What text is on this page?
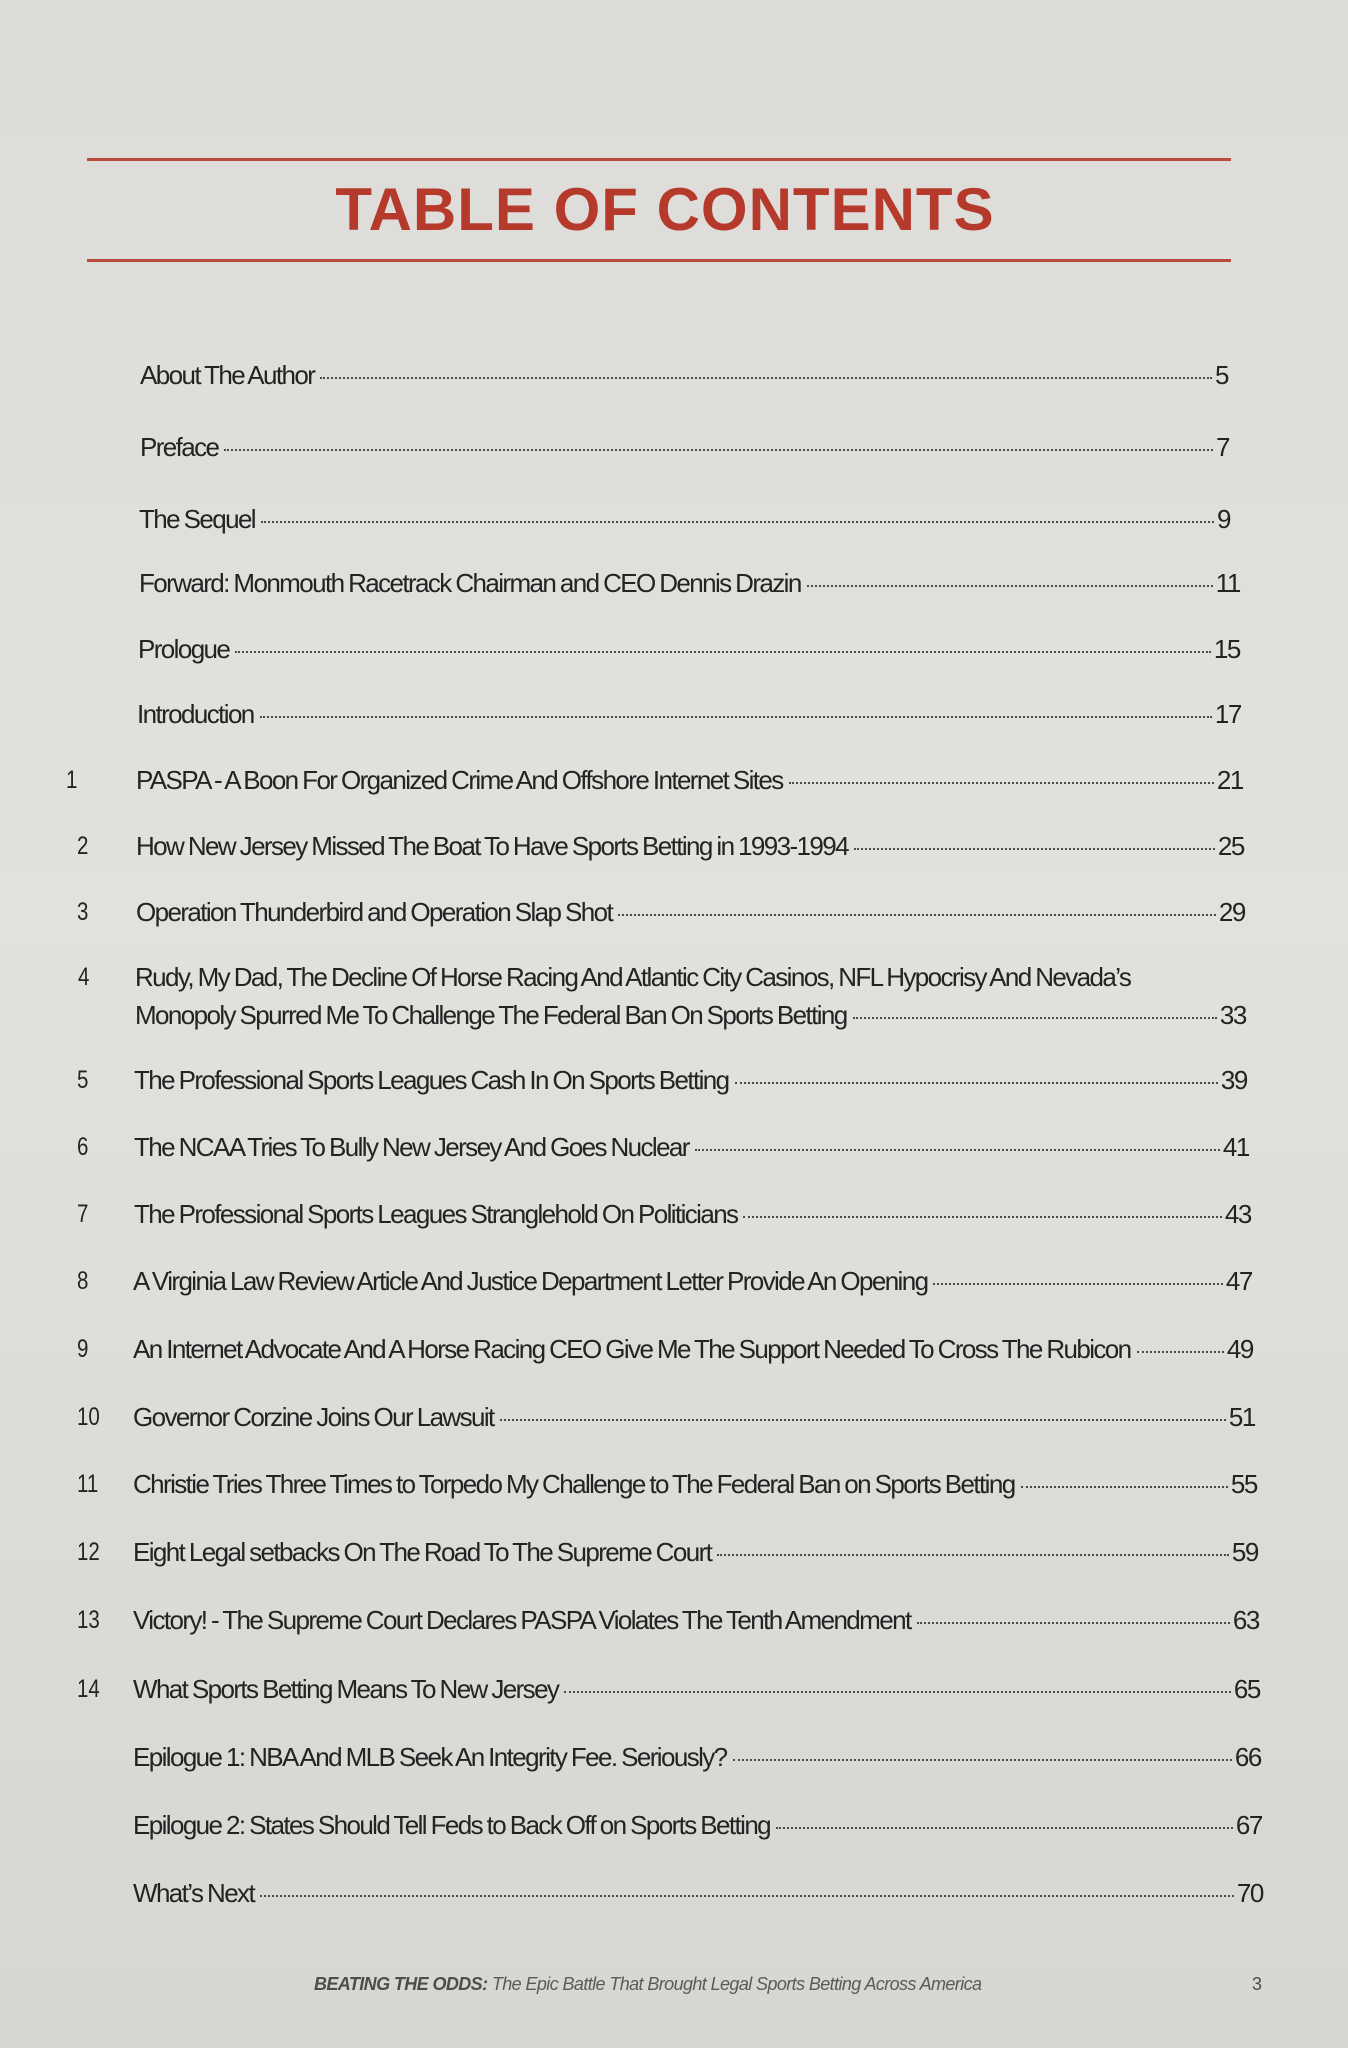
TABLE OF CONTENTS
About The Author	5
Preface	7
The Sequel	9
Forward: Monmouth Racetrack Chairman and CEO Dennis Drazin	11
Prologue	15
Introduction	17
1	PASPA - A Boon For Organized Crime And Offshore Internet Sites	21
2	How New Jersey Missed The Boat To Have Sports Betting in 1993-1994	25
3	Operation Thunderbird and Operation Slap Shot	29
4	Rudy, My Dad, The Decline Of Horse Racing And Atlantic City Casinos, NFL Hypocrisy And Nevada’s
Monopoly Spurred Me To Challenge The Federal Ban On Sports Betting	33
5	The Professional Sports Leagues Cash In On Sports Betting	39
6	The NCAA Tries To Bully New Jersey And Goes Nuclear	41
7	The Professional Sports Leagues Stranglehold On Politicians	43
8	A Virginia Law Review Article And Justice Department Letter Provide An Opening	47
9	An Internet Advocate And A Horse Racing CEO Give Me The Support Needed To Cross The Rubicon	49
10	Governor Corzine Joins Our Lawsuit	51
11	Christie Tries Three Times to Torpedo My Challenge to The Federal Ban on Sports Betting	55
12	Eight Legal setbacks On The Road To The Supreme Court	59
13	Victory! - The Supreme Court Declares PASPA Violates The Tenth Amendment	63
14	What Sports Betting Means To New Jersey	65
Epilogue 1: NBA And MLB Seek An Integrity Fee. Seriously?	66
Epilogue 2: States Should Tell Feds to Back Off on Sports Betting	67
What’s Next	70
BEATING THE ODDS: The Epic Battle That Brought Legal Sports Betting Across America	3
